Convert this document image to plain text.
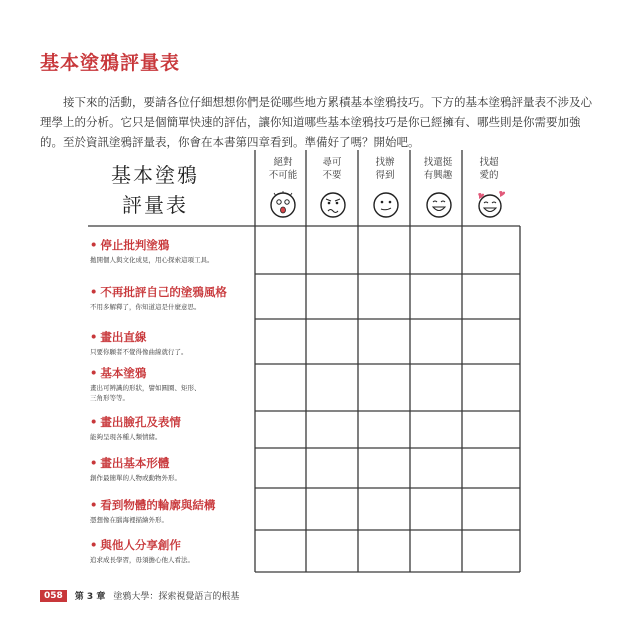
基本塗鴉評量表

接下來的活動，要請各位仔細想想你們是從哪些地方累積基本塗鴉技巧。下方的基本塗鴉評量表不涉及心理學上的分析。它只是個簡單快速的評估，讓你知道哪些基本塗鴉技巧是你已經擁有、哪些則是你需要加強的。至於資訊塗鴉評量表，你會在本書第四章看到。準備好了嗎？開始吧。

基本塗鴉
評量表
絕對
不可能
尋可
不要
找辦
得到
找還挺
有興趣
找超
愛的
• 停止批判塗鴉
拋開個人與文化成見，用心探索這項工具。
• 不再批評自己的塗鴉風格
不用多解釋了，你知道這是什麼意思。
• 畫出直線
只要你願者不覺得像曲線就行了。
• 基本塗鴉
畫出可辨識的形狀，譬如圓圈、矩形、
三角形等等。
• 畫出臉孔及表情
能夠呈現各種人類情緒。
• 畫出基本形體
創作最簡單的人物或動物外形。
• 看到物體的輪廓與結構
憑想像在腦海裡描繪外形。
• 與他人分享創作
追求成長學習，毋須擔心他人看法。
058	第 3 章 塗鴉大學：探索視覺語言的根基
